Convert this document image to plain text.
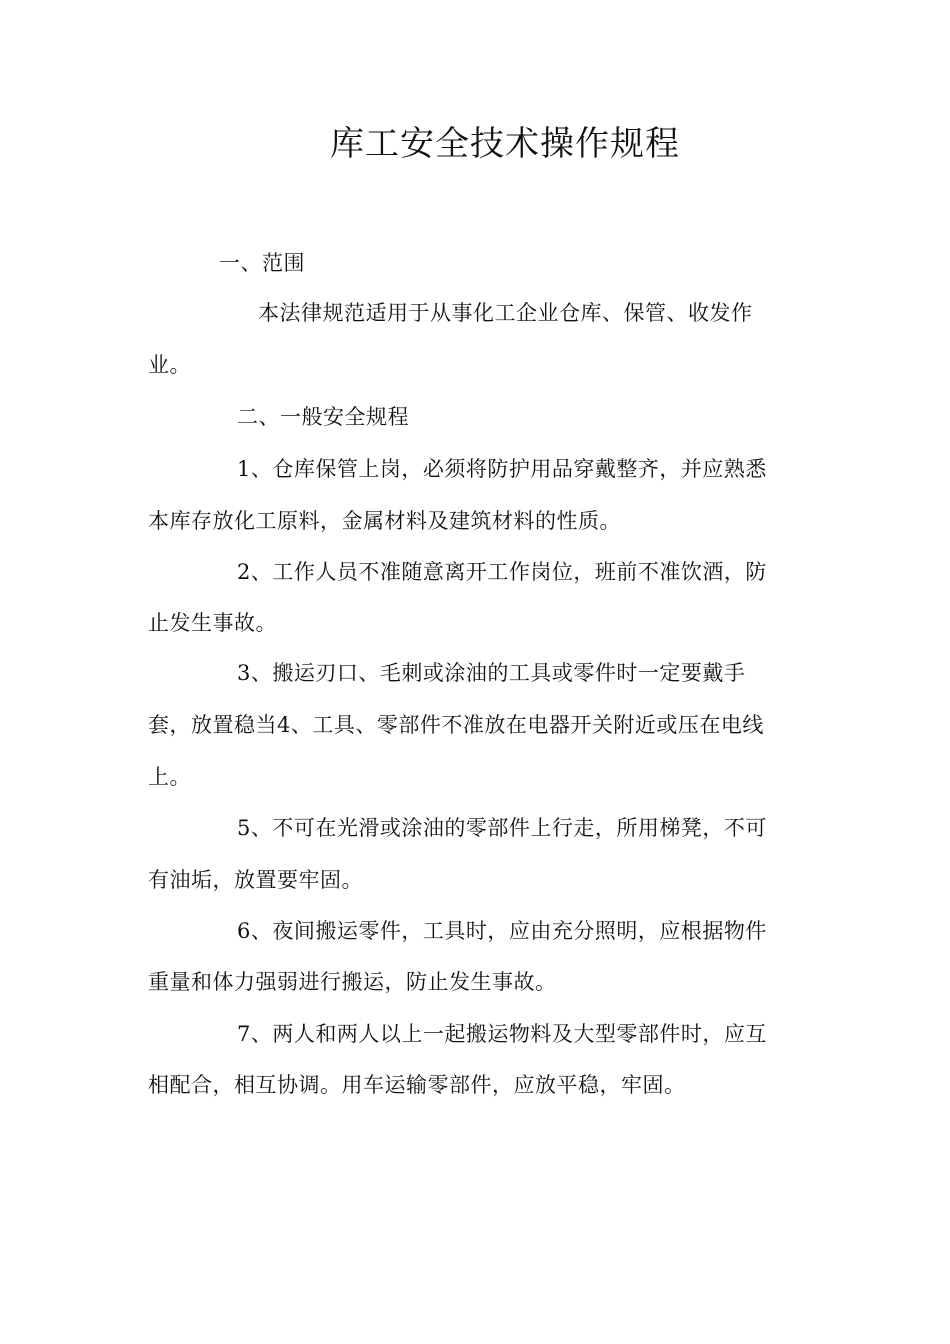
库工安全技术操作规程
一、范围
本法律规范适用于从事化工企业仓库、保管、收发作
业。
二、一般安全规程
1、仓库保管上岗，必须将防护用品穿戴整齐，并应熟悉
本库存放化工原料，金属材料及建筑材料的性质。
2、工作人员不准随意离开工作岗位，班前不准饮酒，防
止发生事故。
3、搬运刃口、毛刺或涂油的工具或零件时一定要戴手
套，放置稳当4、工具、零部件不准放在电器开关附近或压在电线
上。
5、不可在光滑或涂油的零部件上行走，所用梯凳，不可
有油垢，放置要牢固。
6、夜间搬运零件，工具时，应由充分照明，应根据物件
重量和体力强弱进行搬运，防止发生事故。
7、两人和两人以上一起搬运物料及大型零部件时，应互
相配合，相互协调。用车运输零部件，应放平稳，牢固。
